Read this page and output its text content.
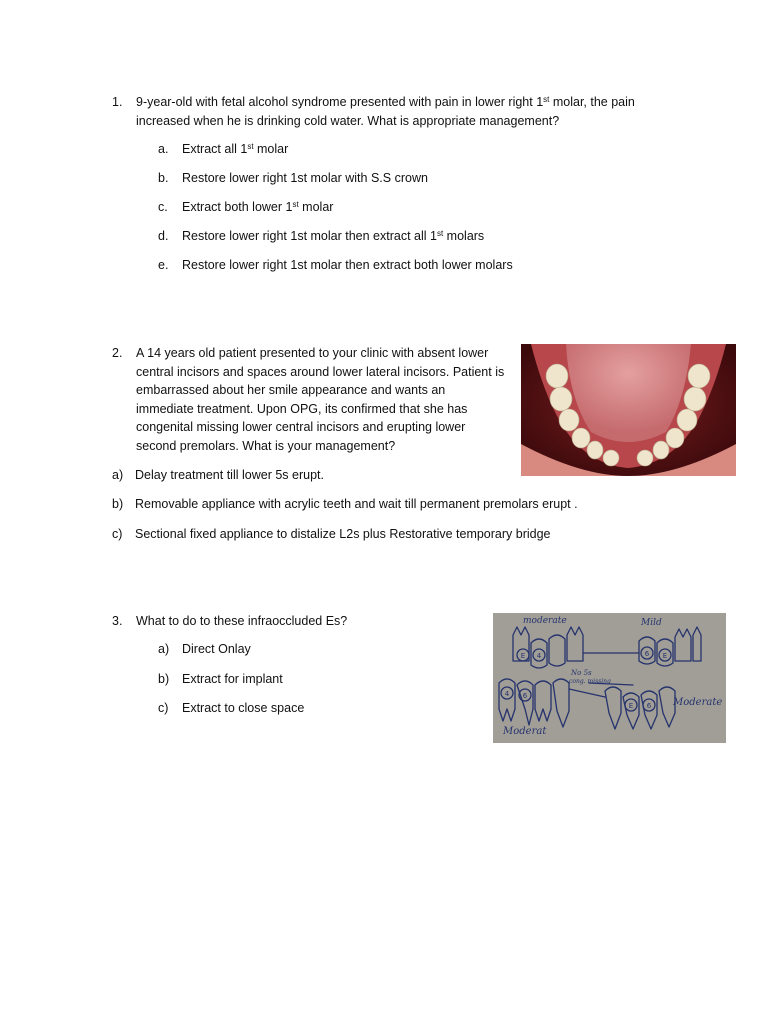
1. 9-year-old with fetal alcohol syndrome presented with pain in lower right 1st molar, the pain
increased when he is drinking cold water. What is appropriate management?
a. Extract all 1st molar
b. Restore lower right 1st molar with S.S crown
c. Extract both lower 1st molar
d. Restore lower right 1st molar then extract all 1st molars
e. Restore lower right 1st molar then extract both lower molars
2. A 14 years old patient presented to your clinic with absent lower
central incisors and spaces around lower lateral incisors. Patient is
embarrassed about her smile appearance and wants an
immediate treatment. Upon OPG, its confirmed that she has
congenital missing lower central incisors and erupting lower
second premolars. What is your management?
a) Delay treatment till lower 5s erupt.
b) Removable appliance with acrylic teeth and wait till permanent premolars erupt .
c) Sectional fixed appliance to distalize L2s plus Restorative temporary bridge
3. What to do to these infraoccluded Es?
a) Direct Onlay
b) Extract for implant
c) Extract to close space
E 4	6 E
4 6
E 6
moderate	Mild
No 5s
cong. missing
Moderate
Moderat
